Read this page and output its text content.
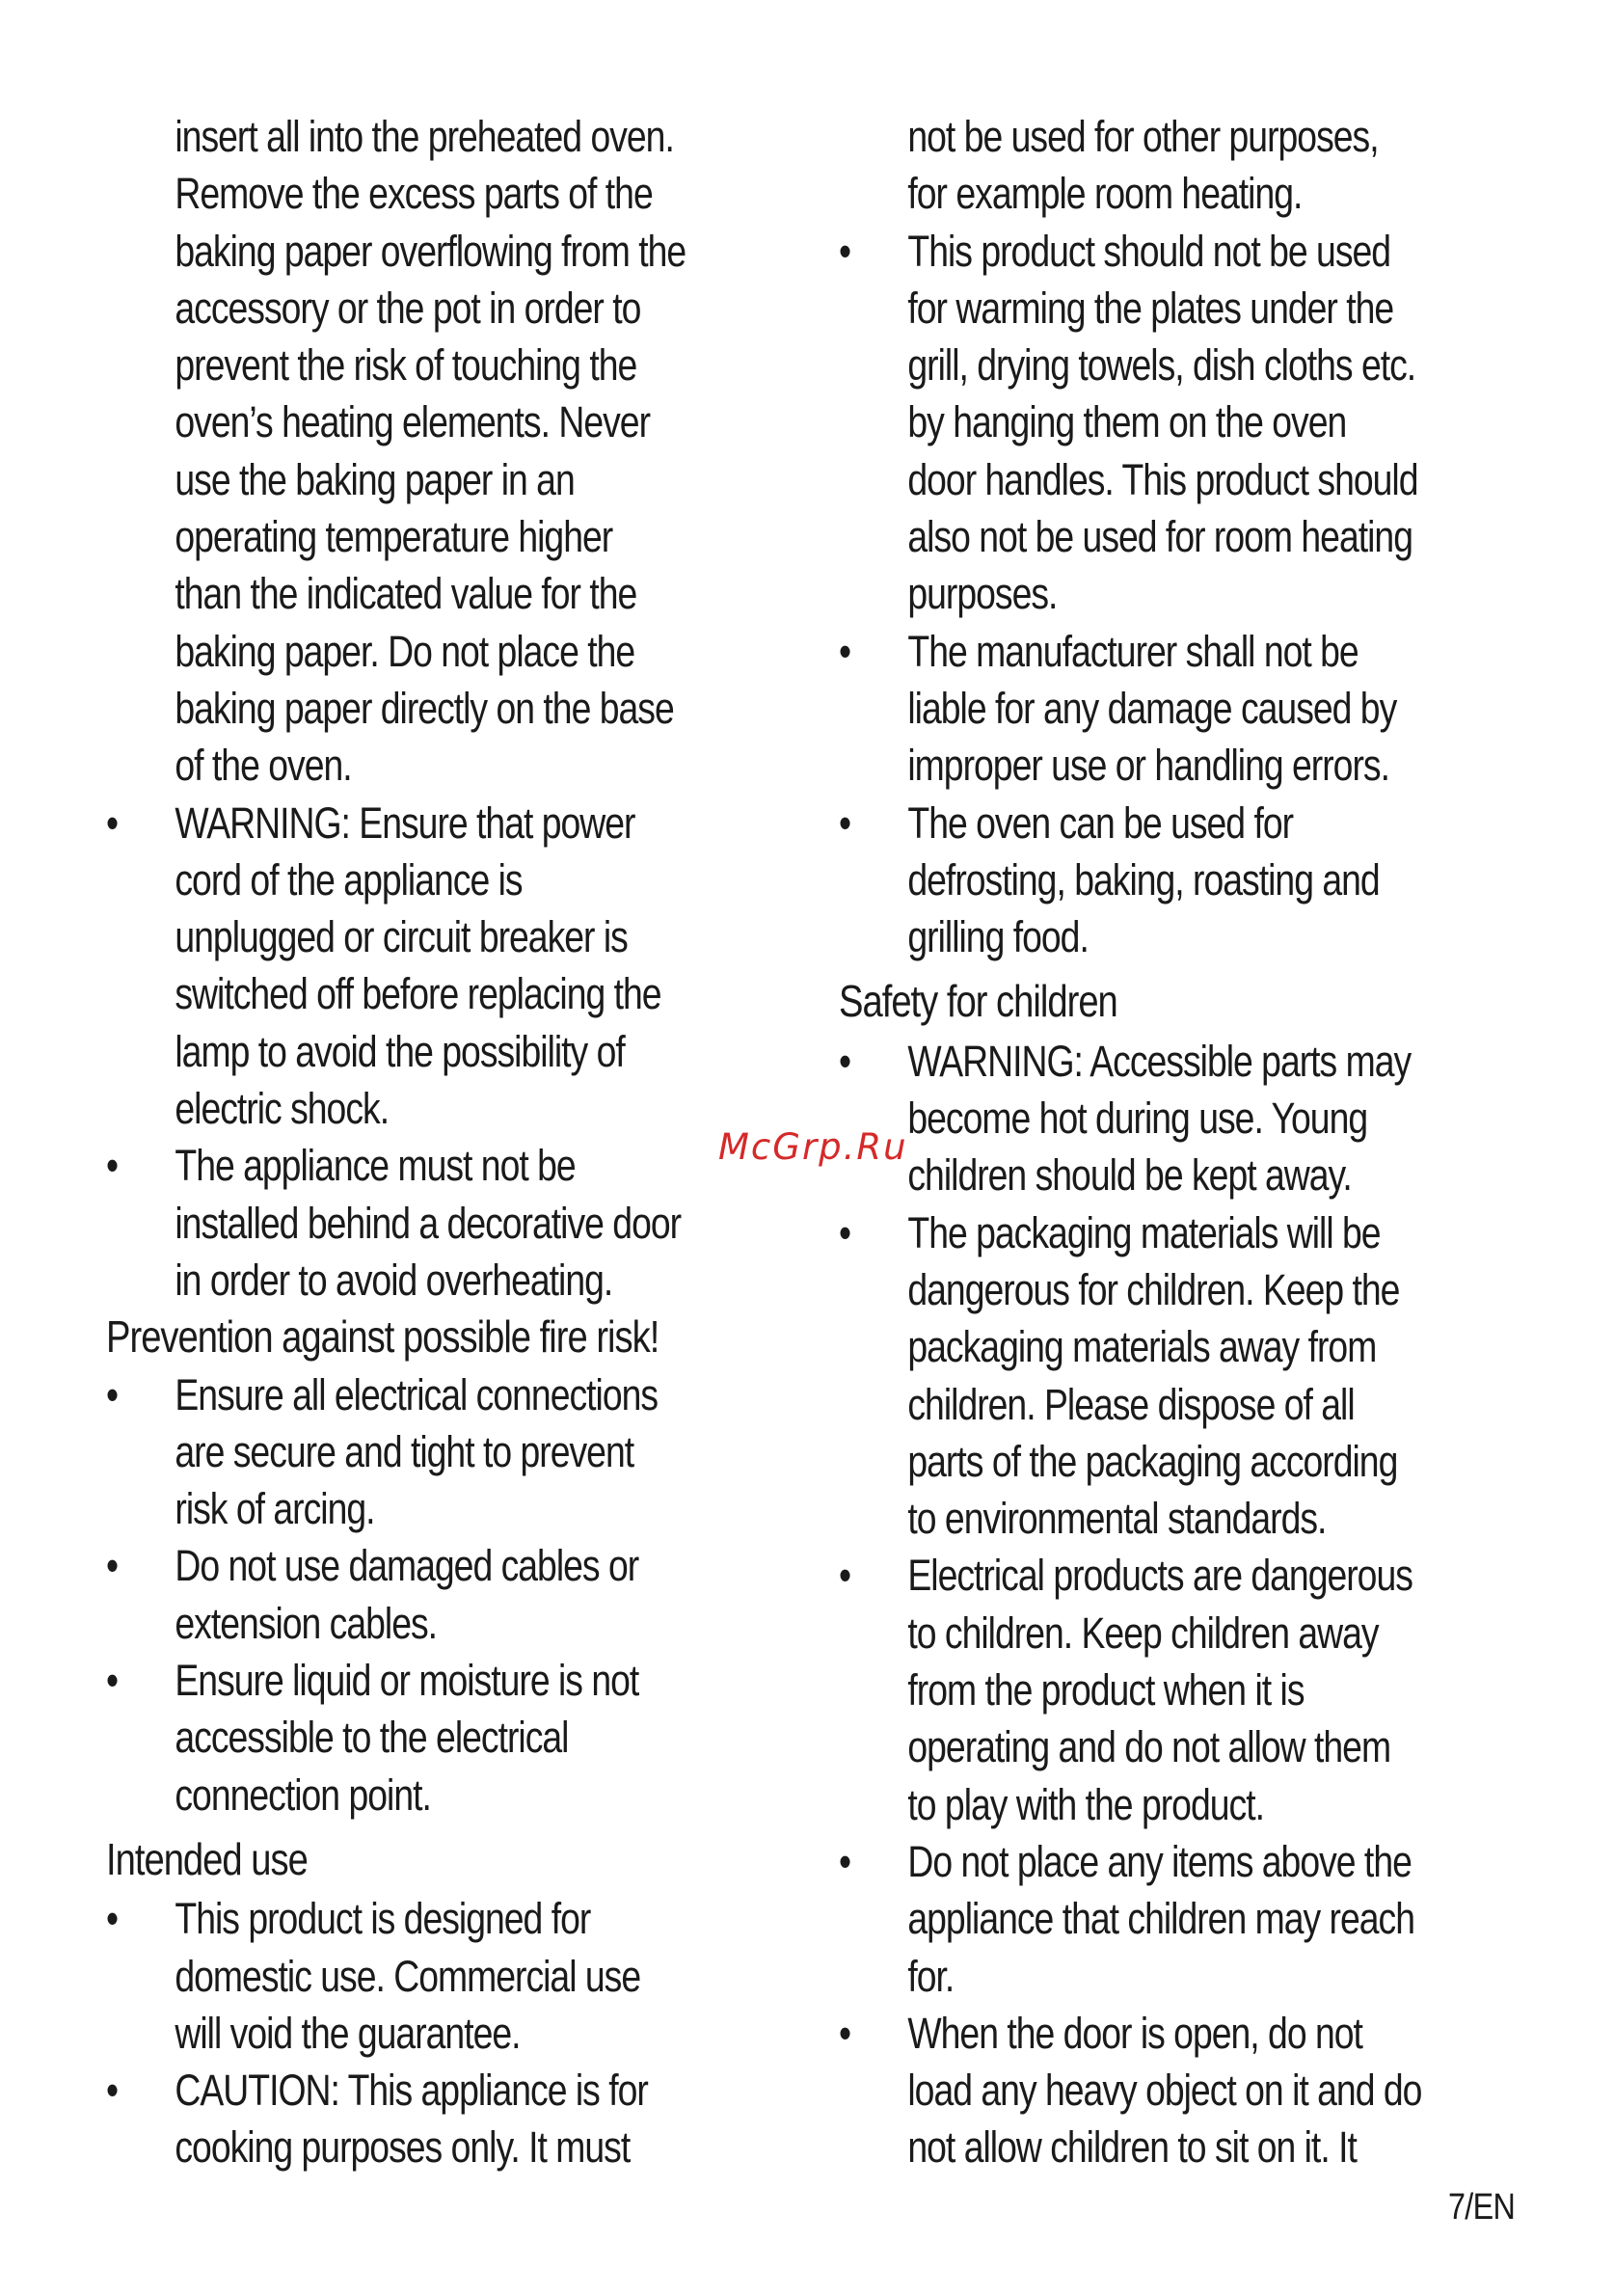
insert all into the preheated oven.
Remove the excess parts of the
baking paper overflowing from the
accessory or the pot in order to
prevent the risk of touching the
oven’s heating elements. Never
use the baking paper in an
operating temperature higher
than the indicated value for the
baking paper. Do not place the
baking paper directly on the base
of the oven.
• WARNING: Ensure that power
cord of the appliance is
unplugged or circuit breaker is
switched off before replacing the
lamp to avoid the possibility of
electric shock.
• The appliance must not be
installed behind a decorative door
in order to avoid overheating.
Prevention against possible fire risk!
• Ensure all electrical connections
are secure and tight to prevent
risk of arcing.
• Do not use damaged cables or
extension cables.
• Ensure liquid or moisture is not
accessible to the electrical
connection point.
Intended use
• This product is designed for
domestic use. Commercial use
will void the guarantee.
• CAUTION: This appliance is for
cooking purposes only. It must
not be used for other purposes,
for example room heating.
• This product should not be used
for warming the plates under the
grill, drying towels, dish cloths etc.
by hanging them on the oven
door handles. This product should
also not be used for room heating
purposes.
• The manufacturer shall not be
liable for any damage caused by
improper use or handling errors.
• The oven can be used for
defrosting, baking, roasting and
grilling food.
Safety for children
• WARNING: Accessible parts may
become hot during use. Young
children should be kept away.
• The packaging materials will be
dangerous for children. Keep the
packaging materials away from
children. Please dispose of all
parts of the packaging according
to environmental standards.
• Electrical products are dangerous
to children. Keep children away
from the product when it is
operating and do not allow them
to play with the product.
• Do not place any items above the
appliance that children may reach
for.
• When the door is open, do not
load any heavy object on it and do
not allow children to sit on it. It
McGrp.Ru
7/EN
